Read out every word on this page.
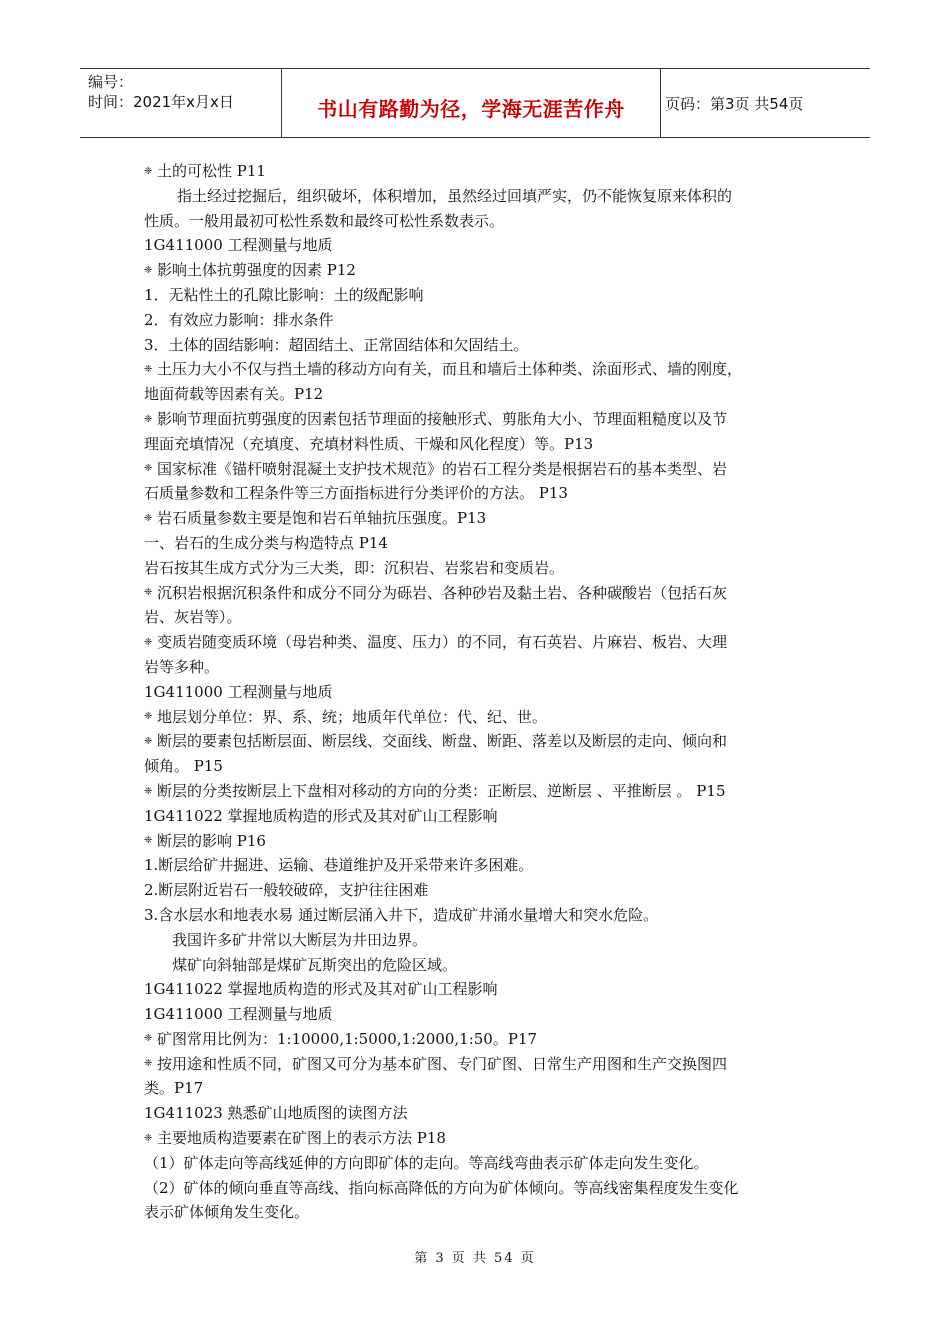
编号：
时间：2021年x月x日	书山有路勤为径，学海无涯苦作舟	页码：第3页 共54页
❈ 土的可松性 P11
指土经过挖掘后，组织破坏，体积增加，虽然经过回填严实，仍不能恢复原来体积的
性质。一般用最初可松性系数和最终可松性系数表示。
1G411000 工程测量与地质
❈ 影响土体抗剪强度的因素 P12
1．无粘性土的孔隙比影响：土的级配影响
2．有效应力影响：排水条件
3．土体的固结影响：超固结土、正常固结体和欠固结土。
❈ 土压力大小不仅与挡土墙的移动方向有关，而且和墙后土体种类、涂面形式、墙的刚度，
地面荷载等因素有关。P12
❈ 影响节理面抗剪强度的因素包括节理面的接触形式、剪胀角大小、节理面粗糙度以及节
理面充填情况（充填度、充填材料性质、干燥和风化程度）等。P13
❈ 国家标准《锚杆喷射混凝土支护技术规范》的岩石工程分类是根据岩石的基本类型、岩
石质量参数和工程条件等三方面指标进行分类评价的方法。 P13
❈ 岩石质量参数主要是饱和岩石单轴抗压强度。P13
一、岩石的生成分类与构造特点 P14
岩石按其生成方式分为三大类，即：沉积岩、岩浆岩和变质岩。
❈ 沉积岩根据沉积条件和成分不同分为砾岩、各种砂岩及黏土岩、各种碳酸岩（包括石灰
岩、灰岩等）。
❈ 变质岩随变质环境（母岩种类、温度、压力）的不同，有石英岩、片麻岩、板岩、大理
岩等多种。
1G411000 工程测量与地质
❈ 地层划分单位：界、系、统；地质年代单位：代、纪、世。
❈ 断层的要素包括断层面、断层线、交面线、断盘、断距、落差以及断层的走向、倾向和
倾角。 P15
❈ 断层的分类按断层上下盘相对移动的方向的分类：正断层、逆断层 、平推断层 。 P15
1G411022 掌握地质构造的形式及其对矿山工程影响
❈ 断层的影响 P16
1.断层给矿井掘进、运输、巷道维护及开采带来许多困难。
2.断层附近岩石一般较破碎，支护往往困难
3.含水层水和地表水易 通过断层涌入井下，造成矿井涌水量增大和突水危险。
我国许多矿井常以大断层为井田边界。
煤矿向斜轴部是煤矿瓦斯突出的危险区域。
1G411022 掌握地质构造的形式及其对矿山工程影响
1G411000 工程测量与地质
❈ 矿图常用比例为：1:10000,1:5000,1:2000,1:50。P17
❈ 按用途和性质不同，矿图又可分为基本矿图、专门矿图、日常生产用图和生产交换图四
类。P17
1G411023 熟悉矿山地质图的读图方法
❈ 主要地质构造要素在矿图上的表示方法 P18
（1）矿体走向等高线延伸的方向即矿体的走向。等高线弯曲表示矿体走向发生变化。
（2）矿体的倾向垂直等高线、指向标高降低的方向为矿体倾向。等高线密集程度发生变化
表示矿体倾角发生变化。
第 3 页 共 54 页
